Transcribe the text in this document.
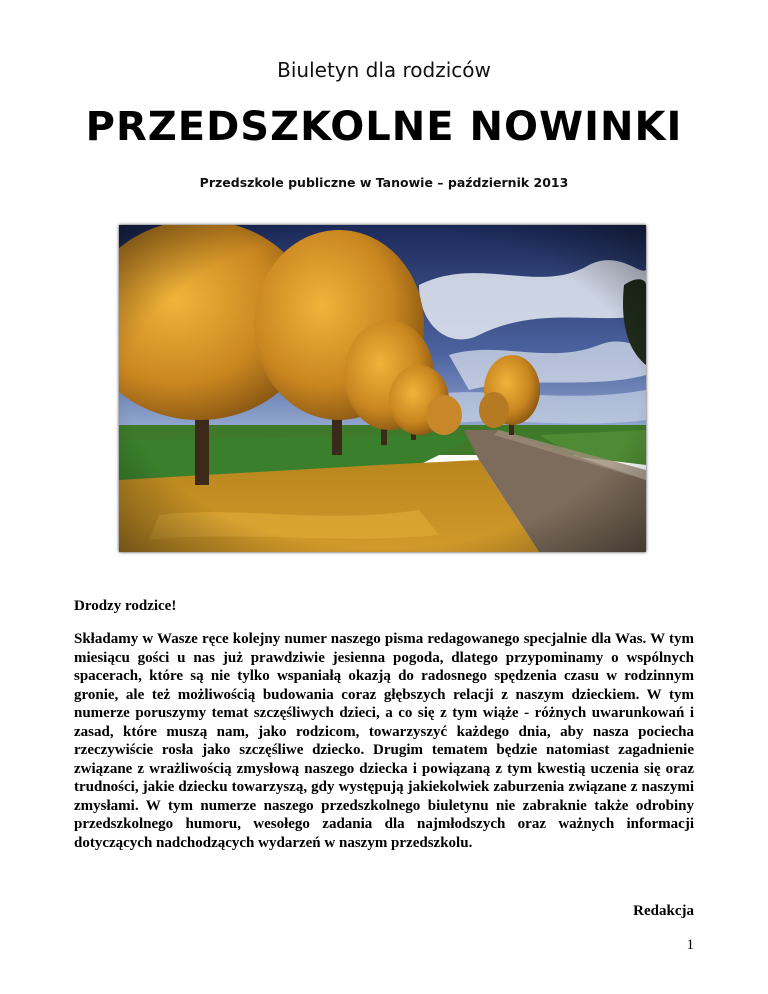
Biuletyn dla rodziców
PRZEDSZKOLNE NOWINKI
Przedszkole publiczne w Tanowie – październik 2013
Drodzy rodzice!

Składamy w Wasze ręce kolejny numer naszego pisma redagowanego specjalnie dla Was. W tym miesiącu gości u nas już prawdziwie jesienna pogoda, dlatego przypominamy o wspólnych spacerach, które są nie tylko wspaniałą okazją do radosnego spędzenia czasu w rodzinnym gronie, ale też możliwością budowania coraz głębszych relacji z naszym dzieckiem. W tym numerze poruszymy temat szczęśliwych dzieci, a co się z tym wiąże - różnych uwarunkowań i zasad, które muszą nam, jako rodzicom, towarzyszyć każdego dnia, aby nasza pociecha rzeczywiście rosła jako szczęśliwe dziecko. Drugim tematem będzie natomiast zagadnienie związane z wrażliwością zmysłową naszego dziecka i powiązaną z tym kwestią uczenia się oraz trudności, jakie dziecku towarzyszą, gdy występują jakiekolwiek zaburzenia związane z naszymi zmysłami. W tym numerze naszego przedszkolnego biuletynu nie zabraknie także odrobiny przedszkolnego humoru, wesołego zadania dla najmłodszych oraz ważnych informacji dotyczących nadchodzących wydarzeń w naszym przedszkolu.

Redakcja
1
